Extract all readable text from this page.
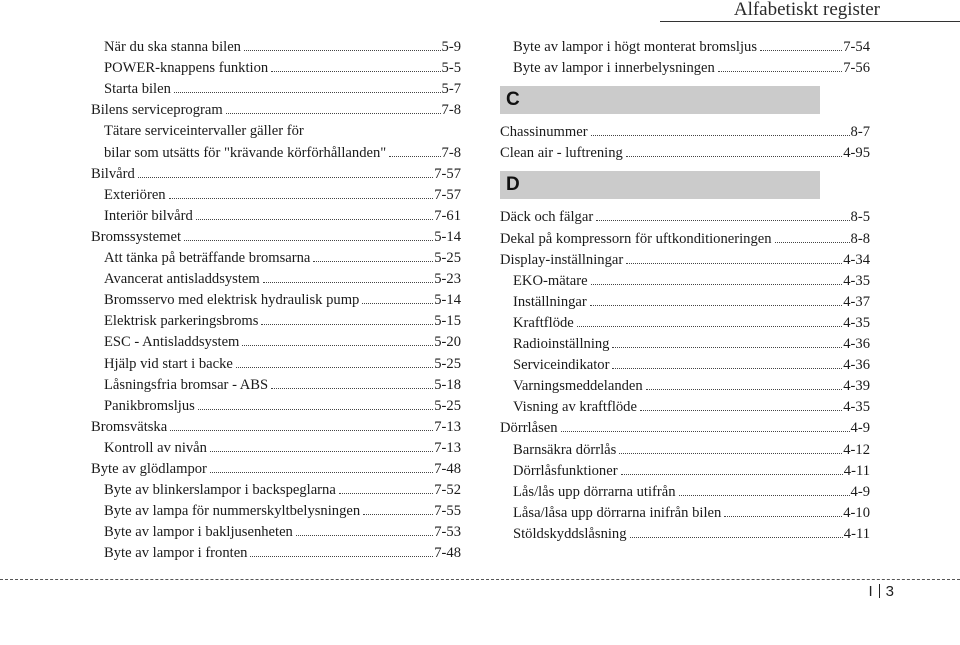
Alfabetiskt register
När du ska stanna bilen	5-9
POWER-knappens funktion	5-5
Starta bilen	5-7
Bilens serviceprogram	7-8
Tätare serviceintervaller gäller för
bilar som utsätts för "krävande körförhållanden"	7-8
Bilvård	7-57
Exteriören	7-57
Interiör bilvård	7-61
Bromssystemet	5-14
Att tänka på beträffande bromsarna	5-25
Avancerat antisladdsystem	5-23
Bromsservo med elektrisk hydraulisk pump	5-14
Elektrisk parkeringsbroms	5-15
ESC - Antisladdsystem	5-20
Hjälp vid start i backe	5-25
Låsningsfria bromsar - ABS	5-18
Panikbromsljus	5-25
Bromsvätska	7-13
Kontroll av nivån	7-13
Byte av glödlampor	7-48
Byte av blinkerslampor i backspeglarna	7-52
Byte av lampa för nummerskyltbelysningen	7-55
Byte av lampor i bakljusenheten	7-53
Byte av lampor i fronten	7-48
Byte av lampor i högt monterat bromsljus	7-54
Byte av lampor i innerbelysningen	7-56
C
Chassinummer	8-7
Clean air - luftrening	4-95
D
Däck och fälgar	8-5
Dekal på kompressorn för uftkonditioneringen	8-8
Display-inställningar	4-34
EKO-mätare	4-35
Inställningar	4-37
Kraftflöde	4-35
Radioinställning	4-36
Serviceindikator	4-36
Varningsmeddelanden	4-39
Visning av kraftflöde	4-35
Dörrlåsen	4-9
Barnsäkra dörrlås	4-12
Dörrlåsfunktioner	4-11
Lås/lås upp dörrarna utifrån	4-9
Låsa/låsa upp dörrarna inifrån bilen	4-10
Stöldskyddslåsning	4-11
I 3
